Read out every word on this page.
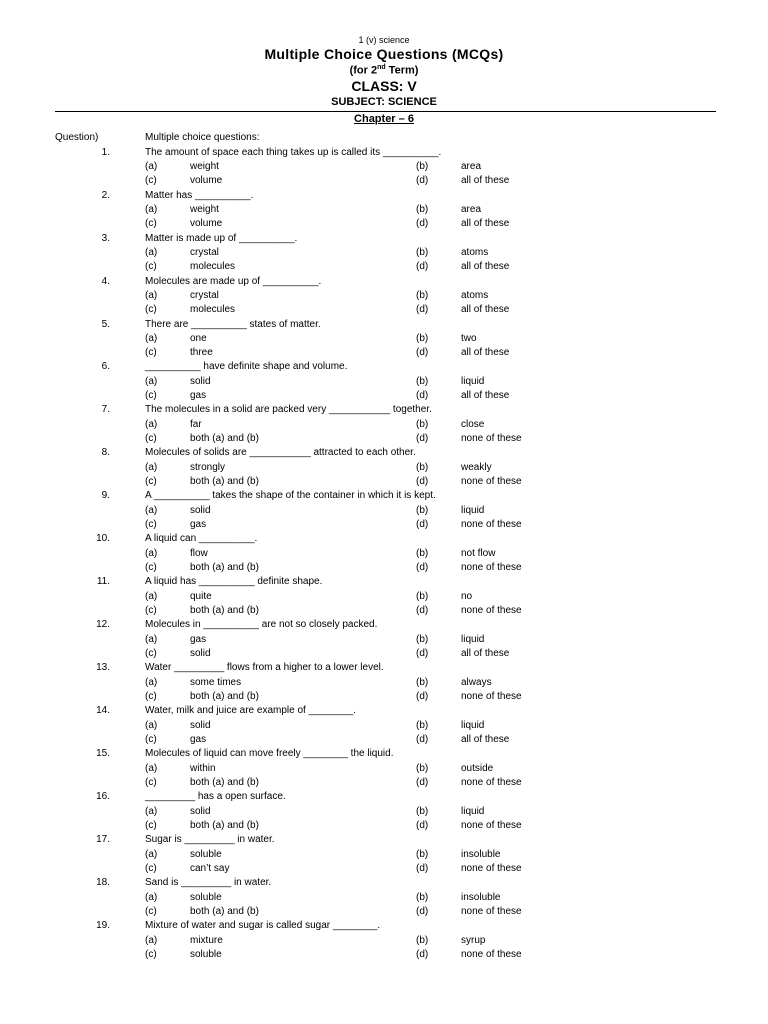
1 (v) science
Multiple Choice Questions (MCQs)
(for 2nd Term)
CLASS: V
SUBJECT: SCIENCE
Chapter – 6
Question)	Multiple choice questions:
1.	The amount of space each thing takes up is called its __________.
(a)	weight	(b)	area
(c)	volume	(d)	all of these
2.	Matter has __________.
(a)	weight	(b)	area
(c)	volume	(d)	all of these
3.	Matter is made up of __________.
(a)	crystal	(b)	atoms
(c)	molecules	(d)	all of these
4.	Molecules are made up of __________.
(a)	crystal	(b)	atoms
(c)	molecules	(d)	all of these
5.	There are __________ states of matter.
(a)	one	(b)	two
(c)	three	(d)	all of these
6.	__________ have definite shape and volume.
(a)	solid	(b)	liquid
(c)	gas	(d)	all of these
7.	The molecules in a solid are packed very ___________ together.
(a)	far	(b)	close
(c)	both (a) and (b)	(d)	none of these
8.	Molecules of solids are ___________ attracted to each other.
(a)	strongly	(b)	weakly
(c)	both (a) and (b)	(d)	none of these
9.	A __________ takes the shape of the container in which it is kept.
(a)	solid	(b)	liquid
(c)	gas	(d)	none of these
10.	A liquid can __________.
(a)	flow	(b)	not flow
(c)	both (a) and (b)	(d)	none of these
11.	A liquid has __________ definite shape.
(a)	quite	(b)	no
(c)	both (a) and (b)	(d)	none of these
12.	Molecules in __________ are not so closely packed.
(a)	gas	(b)	liquid
(c)	solid	(d)	all of these
13.	Water _________ flows from a higher to a lower level.
(a)	some times	(b)	always
(c)	both (a) and (b)	(d)	none of these
14.	Water, milk and juice are example of ________.
(a)	solid	(b)	liquid
(c)	gas	(d)	all of these
15.	Molecules of liquid can move freely ________ the liquid.
(a)	within	(b)	outside
(c)	both (a) and (b)	(d)	none of these
16.	_________ has a open surface.
(a)	solid	(b)	liquid
(c)	both (a) and (b)	(d)	none of these
17.	Sugar is _________ in water.
(a)	soluble	(b)	insoluble
(c)	can’t say	(d)	none of these
18.	Sand is _________ in water.
(a)	soluble	(b)	insoluble
(c)	both (a) and (b)	(d)	none of these
19.	Mixture of water and sugar is called sugar ________.
(a)	mixture	(b)	syrup
(c)	soluble	(d)	none of these
